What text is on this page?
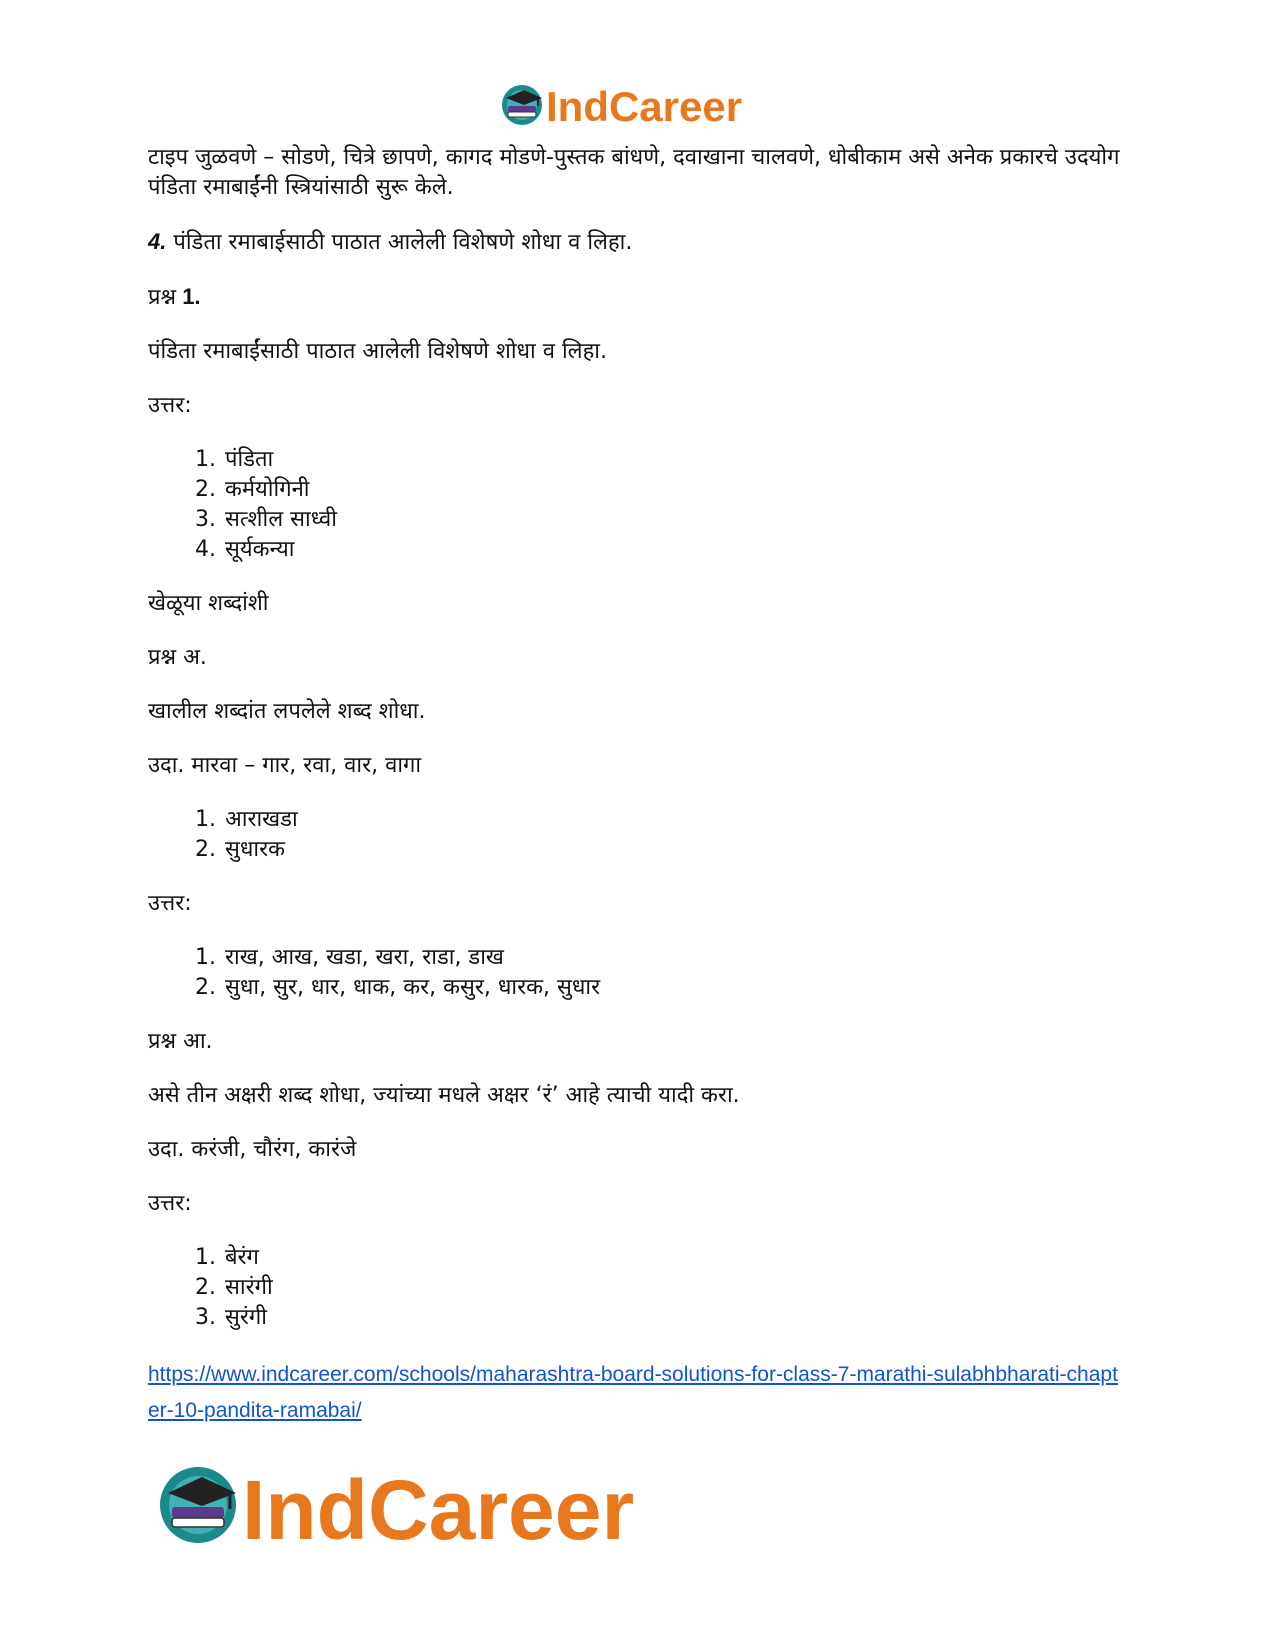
IndCareer

टाइप जुळवणे – सोडणे, चित्रे छापणे, कागद मोडणे-पुस्तक बांधणे, दवाखाना चालवणे, धोबीकाम असे अनेक प्रकारचे उदयोग पंडिता रमाबाईंनी स्त्रियांसाठी सुरू केले.

4. पंडिता रमाबाईसाठी पाठात आलेली विशेषणे शोधा व लिहा.

प्रश्न 1.

पंडिता रमाबाईंसाठी पाठात आलेली विशेषणे शोधा व लिहा.

उत्तर:

1. पंडिता
2. कर्मयोगिनी
3. सत्शील साध्वी
4. सूर्यकन्या

खेळूया शब्दांशी

प्रश्न अ.

खालील शब्दांत लपलेले शब्द शोधा.

उदा. मारवा – गार, रवा, वार, वागा

1. आराखडा
2. सुधारक

उत्तर:

1. राख, आख, खडा, खरा, राडा, डाख
2. सुधा, सुर, धार, धाक, कर, कसुर, धारक, सुधार

प्रश्न आ.

असे तीन अक्षरी शब्द शोधा, ज्यांच्या मधले अक्षर ‘रं’ आहे त्याची यादी करा.

उदा. करंजी, चौरंग, कारंजे

उत्तर:

1. बेरंग
2. सारंगी
3. सुरंगी
https://www.indcareer.com/schools/maharashtra-board-solutions-for-class-7-marathi-sulabhbharati-chapter-10-pandita-ramabai/
IndCareer
